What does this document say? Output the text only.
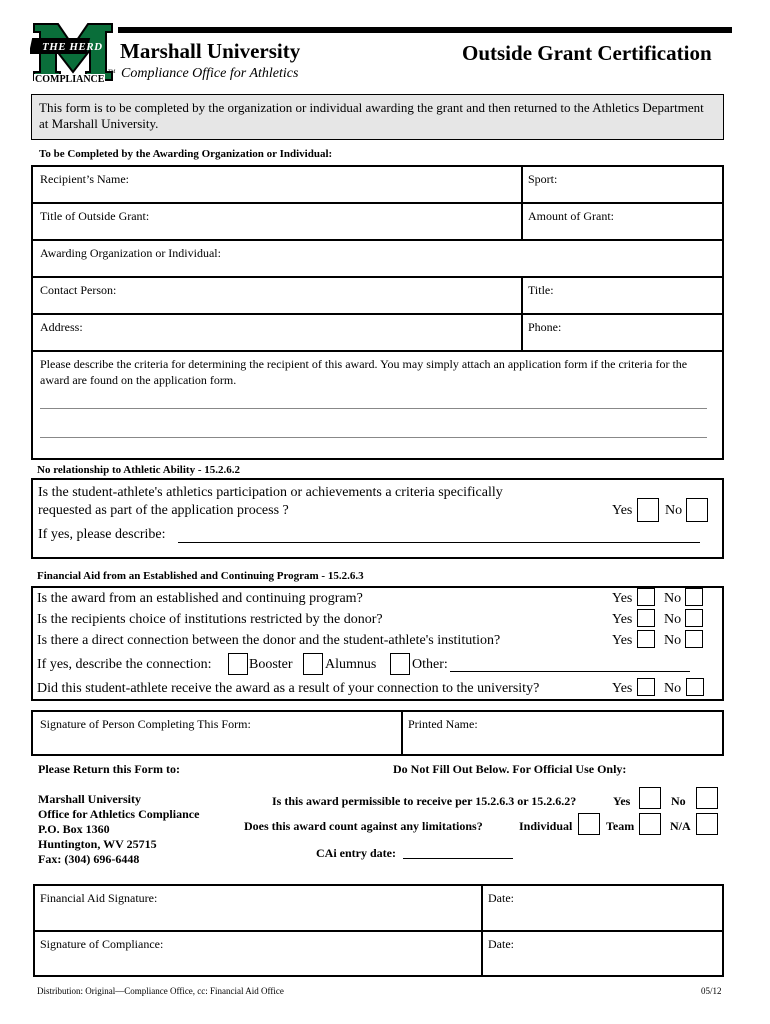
THE HERD
COMPLIANCE
TM
Marshall University
Compliance Office for Athletics
Outside Grant Certification
This form is to be completed by the organization or individual awarding the grant and then returned to the Athletics Department at Marshall University.
To be Completed by the Awarding Organization or Individual:
Recipient’s Name:	Sport:
Title of Outside Grant:	Amount of Grant:
Awarding Organization or Individual:
Contact Person:	Title:
Address:	Phone:
Please describe the criteria for determining the recipient of this award. You may simply attach an application form if the criteria for the award are found on the application form.
No relationship to Athletic Ability - 15.2.6.2
Is the student-athlete's athletics participation or achievements a criteria specifically
requested as part of the application process ?	Yes No
If yes, please describe:
Financial Aid from an Established and Continuing Program - 15.2.6.3
Is the award from an established and continuing program?	Yes No
Is the recipients choice of institutions restricted by the donor?	Yes No
Is there a direct connection between the donor and the student-athlete's institution?	Yes No
If yes, describe the connection:	Booster Alumnus	Other:
Did this student-athlete receive the award as a result of your connection to the university?	Yes No
Signature of Person Completing This Form:	Printed Name:
Please Return this Form to:	Do Not Fill Out Below. For Official Use Only:
Marshall University
Office for Athletics Compliance
P.O. Box 1360
Huntington, WV 25715
Fax: (304) 696-6448
Is this award permissible to receive per 15.2.6.3 or 15.2.6.2?	Yes	No
Does this award count against any limitations?	Individual	Team	N/A
CAi entry date:
Financial Aid Signature:	Date:
Signature of Compliance:	Date:
Distribution: Original—Compliance Office, cc: Financial Aid Office	05/12
